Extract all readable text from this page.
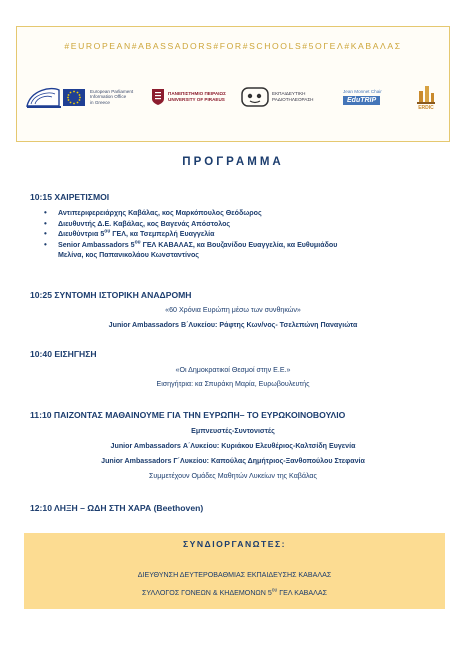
#EUROPEAN#ABASSADORS#FOR#SCHOOLS#5ΟΓΕΛ#ΚΑΒΑΛΑΣ
European Parliament
Information Office
in Greece
ΠΑΝΕΠΙΣΤΗΜΙΟ ΠΕΙΡΑΙΩΣ
UNIVERSITY OF PIRAEUS
ΕΚΠΑΙΔΕΥΤΙΚΗ
ΡΑΔΙΟΤΗΛΕΟΡΑΣΗ
Jean Monnet Chair
EduTRIP
ERDIC
ΠΡΟΓΡΑΜΜΑ
10:15 ΧΑΙΡΕΤΙΣΜΟΙ
• Αντιπεριφερειάρχης Καβάλας, κος Μαρκόπουλος Θεόδωρος
• Διευθυντής Δ.Ε. Καβάλας, κος Βαγενάς Απόστολος
• Διευθύντρια $5^{o\upsilon}$ ΓΕΛ, κα Τσεμπερλή Ευαγγελία
• Senior Ambassadors $5^{o\upsilon}$ ΓΕΛ ΚΑΒΑΛΑΣ, κα Βουζανίδου Ευαγγελία, κα Ευθυμιάδου
Μελίνα, κος Παπανικολάου Κωνσταντίνος
10:25 ΣΥΝΤΟΜΗ ΙΣΤΟΡΙΚΗ ΑΝΑΔΡΟΜΗ
«60 Χρόνια Ευρώπη μέσω των συνθηκών»
Junior Ambassadors Β΄Λυκείου: Ράφτης Κων/νος- Τσελεπώνη Παναγιώτα
10:40 ΕΙΣΗΓΗΣΗ
«Οι Δημοκρατικοί Θεσμοί στην Ε.Ε.»
Εισηγήτρια: κα Σπυράκη Μαρία, Ευρωβουλευτής
11:10 ΠΑΙΖΟΝΤΑΣ ΜΑΘΑΙΝΟΥΜΕ ΓΙΑ ΤΗΝ ΕΥΡΩΠΗ– ΤΟ ΕΥΡΩΚΟΙΝΟΒΟΥΛΙΟ
Εμπνευστές-Συντονιστές
Junior Ambassadors Α΄Λυκείου: Κυριάκου Ελευθέριος-Καλτσίδη Ευγενία
Junior Ambassadors Γ΄Λυκείου: Καπούλας Δημήτριος-Ξανθοπούλου Στεφανία
Συμμετέχουν Ομάδες Μαθητών Λυκείων της Καβάλας
12:10 ΛΗΞΗ – ΩΔΗ ΣΤΗ ΧΑΡΑ (Beethoven)
ΣΥΝΔΙΟΡΓΑΝΩΤΕΣ:
ΔΙΕΥΘΥΝΣΗ ΔΕΥΤΕΡΟΒΑΘΜΙΑΣ ΕΚΠΑΙΔΕΥΣΗΣ ΚΑΒΑΛΑΣ
ΣΥΛΛΟΓΟΣ ΓΟΝΕΩΝ & ΚΗΔΕΜΟΝΩΝ $5^{o\upsilon}$ ΓΕΛ ΚΑΒΑΛΑΣ
